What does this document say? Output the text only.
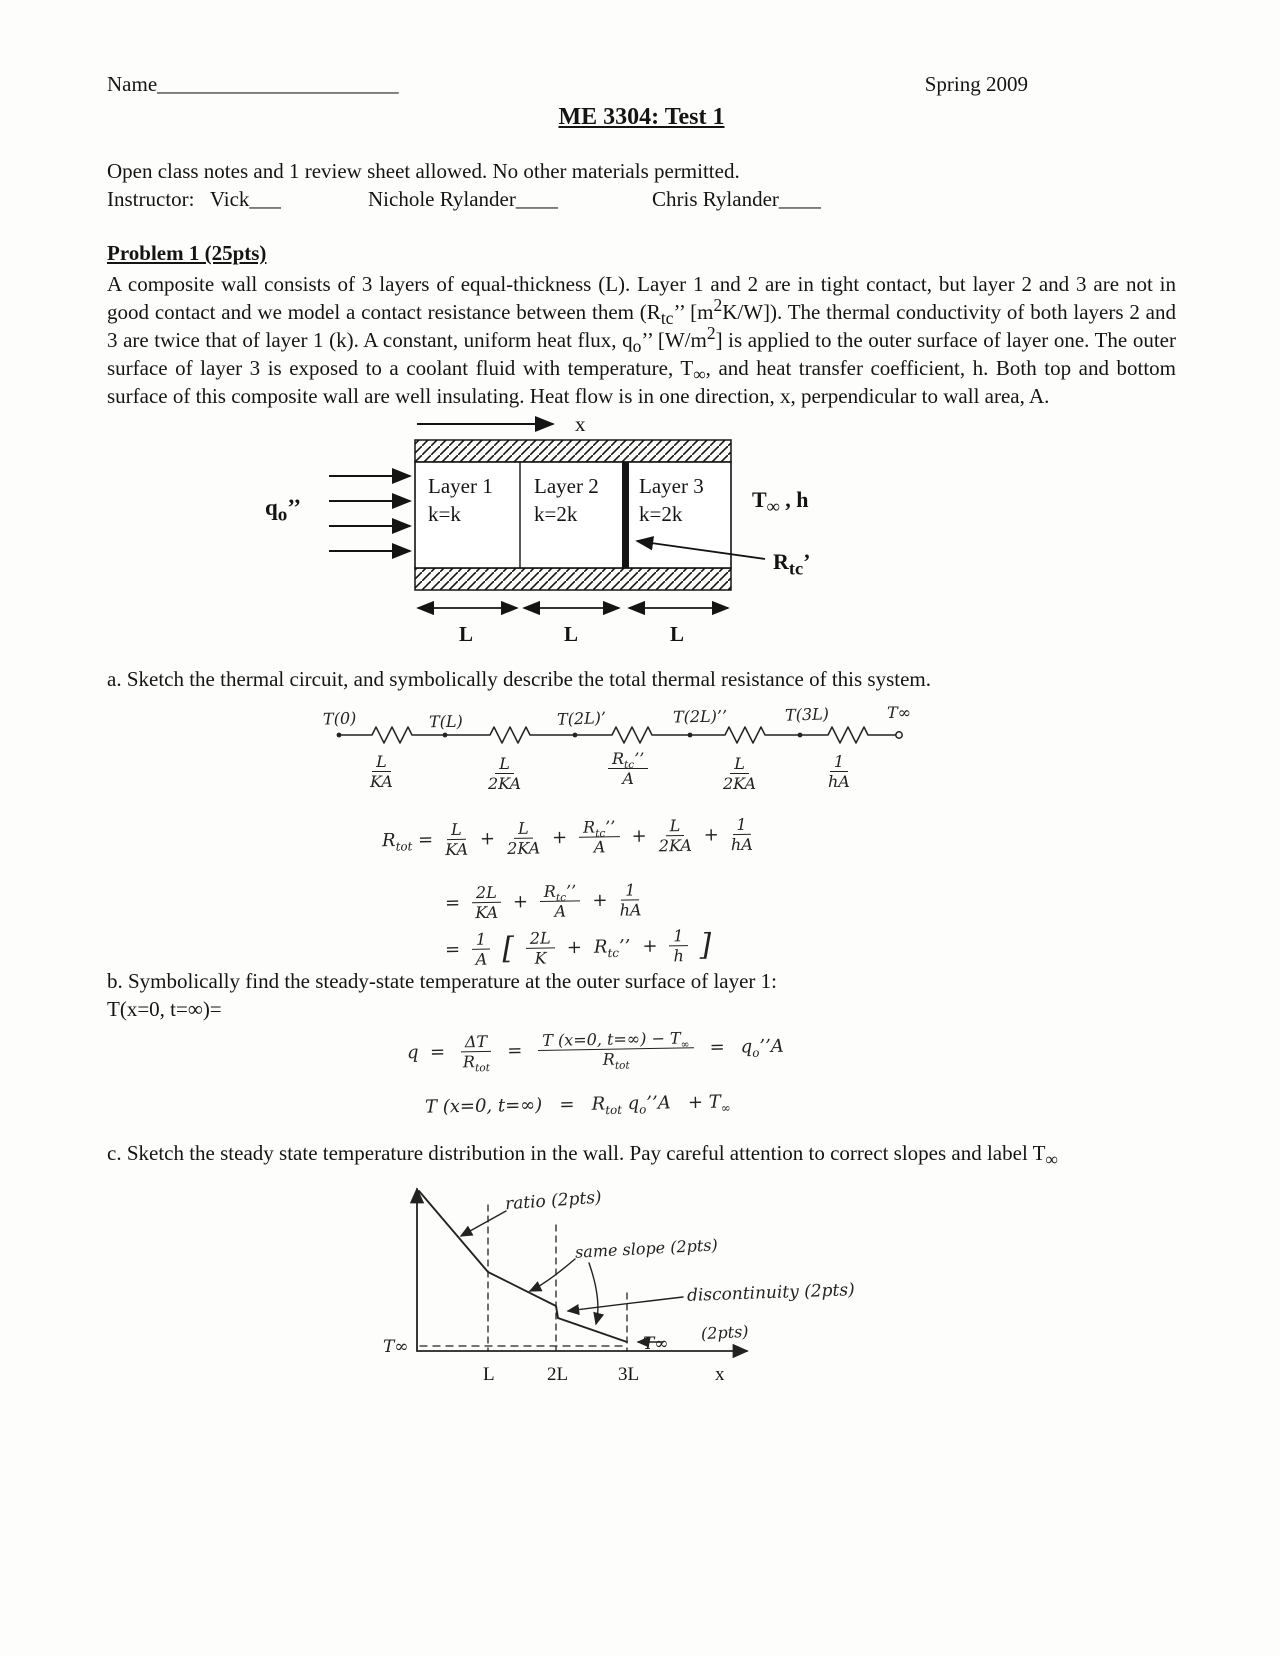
Name_______________________	Spring 2009
ME 3304: Test 1
Open class notes and 1 review sheet allowed. No other materials permitted.
Instructor:   Vick___	Nichole Rylander____	Chris Rylander____
Problem 1 (25pts)
A composite wall consists of 3 layers of equal-thickness (L). Layer 1 and 2 are in tight contact, but layer 2 and 3 are not in good contact and we model a contact resistance between them ($R_{tc}$’’ $[m^2K/W]$). The thermal conductivity of both layers 2 and 3 are twice that of layer 1 (k). A constant, uniform heat flux, $q_o$’’ $[W/m^2]$ is applied to the outer surface of layer one. The outer surface of layer 3 is exposed to a coolant fluid with temperature, $T_\infty$, and heat transfer coefficient, h. Both top and bottom surface of this composite wall are well insulating. Heat flow is in one direction, x, perpendicular to wall area, A.
x
$q_o$’’
Layer 1
k=k
Layer 2
k=2k
Layer 3
k=2k
$T_\infty$ , h
$R_{tc}$’
L	L	L
a. Sketch the thermal circuit, and symbolically describe the total thermal resistance of this system.
T(0)	T(L)	T(2L)’	T(2L)’’	T(3L)	T∞
$\frac{L}{KA}$	$\frac{L}{2KA}$	$R_{tc}$’’
A	$\frac{L}{2KA}$	$\frac{1}{hA}$
$R_{tot} = \frac{L}{KA} + \frac{L}{2KA} + \frac{R_{tc}’’}{A} + \frac{L}{2KA} + \frac{1}{hA}$
= $\frac{2L}{KA} + \frac{R_{tc}’’}{A} + \frac{1}{hA}$
= $\frac{1}{A}$ [ $\frac{2L}{K} + R_{tc}$’’ + $\frac{1}{h}$ ]
b. Symbolically find the steady-state temperature at the outer surface of layer 1:
T(x=0, t=∞)=
$q = \frac{\Delta T}{R_{tot}} = \frac{T (x=0, t=\infty) - T_\infty}{R_{tot}}$ = $q_o’’A$
T (x=0, $t=\infty) = R_{tot}$ $q_o’’A + T_\infty$
c. Sketch the steady state temperature distribution in the wall. Pay careful attention to correct slopes and label $T_\infty$
ratio (2pts)
same slope (2pts)
discontinuity (2pts)
(2pts)
T∞	T∞
L	2L	3L	x
